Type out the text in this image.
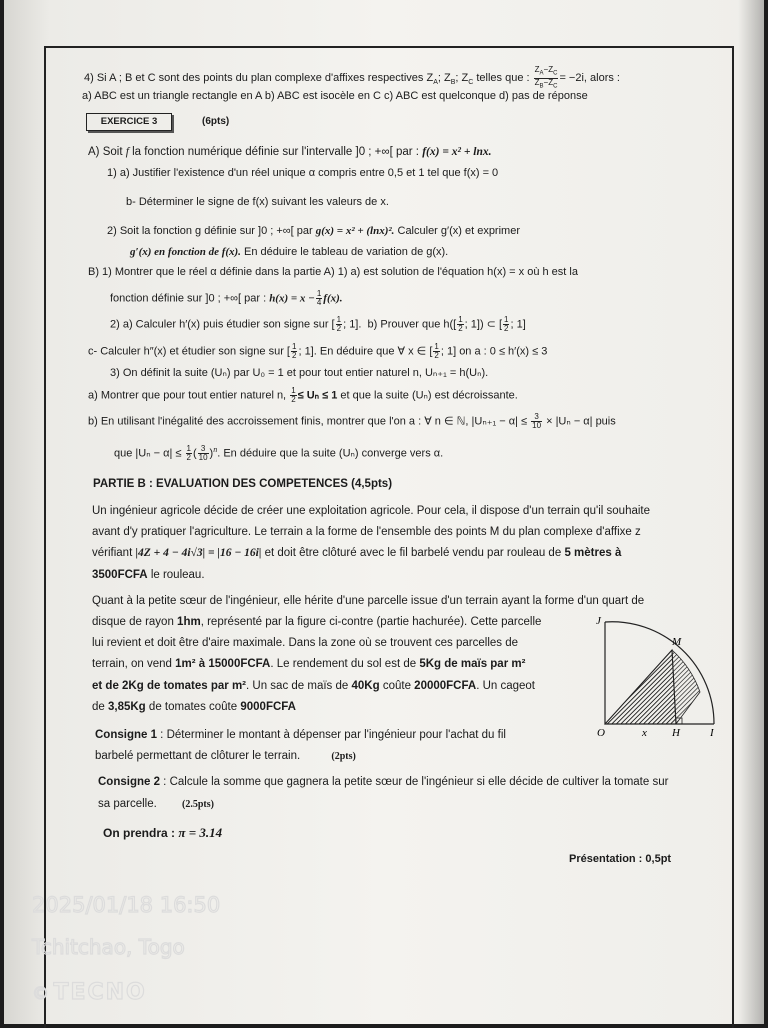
4) Si A ; B et C sont des points du plan complexe d'affixes respectives $Z_A$; $Z_B$; $Z_C$ telles que : $\frac{Z_A-Z_C}{Z_B-Z_C} = -2i$, alors :
a) ABC est un triangle rectangle en A b) ABC est isocèle en C c) ABC est quelconque d) pas de réponse
EXERCICE 3	(6pts)
A) Soit f la fonction numérique définie sur l'intervalle ]0 ; +∞[ par : f(x) = x² + lnx.
1) a) Justifier l'existence d'un réel unique α compris entre 0,5 et 1 tel que f(x) = 0
b- Déterminer le signe de f(x) suivant les valeurs de x.
2) Soit la fonction g définie sur ]0 ; +∞[ par g(x) = x² + (lnx)². Calculer g′(x) et exprimer
g′(x) en fonction de f(x). En déduire le tableau de variation de g(x).
B) 1) Montrer que le réel α définie dans la partie A) 1) a) est solution de l'équation h(x) = x où h est la
fonction définie sur ]0 ; +∞[ par : $h(x) = x - \frac{1}{4} f(x)$.
2) a) Calculer h′(x) puis étudier son signe sur [ $\frac{1}{2}$ ; 1].  b) Prouver que $h([ \frac{1}{2}$ ; 1]) ⊂ [ $\frac{1}{2}$ ; 1]
c- Calculer h″(x) et étudier son signe sur [ $\frac{1}{2}$ ; 1]. En déduire que ∀ x ∈ [ $\frac{1}{2}$ ; 1] on a : 0 ≤ h′(x) ≤ 3
3) On définit la suite (Uₙ) par U₀ = 1 et pour tout entier naturel n, Uₙ₊₁ = h(Uₙ).
a) Montrer que pour tout entier naturel n, $\frac{1}{2} \le U_n \le 1$ et que la suite (Uₙ) est décroissante.
b) En utilisant l'inégalité des accroissement finis, montrer que l'on a : ∀ n ∈ ℕ, $|U_{n+1} - \alpha| \le \frac{3}{10} \times |U_n - \alpha|$ puis
que $|U_n - \alpha| \le \frac{1}{2}$ ( $\frac{3}{10} )^n$. En déduire que la suite (Uₙ) converge vers α.
PARTIE B : EVALUATION DES COMPETENCES (4,5pts)
Un ingénieur agricole décide de créer une exploitation agricole. Pour cela, il dispose d'un terrain qu'il souhaite
avant d'y pratiquer l'agriculture. Le terrain a la forme de l'ensemble des points M du plan complexe d'affixe z
vérifiant |4Z + 4 − 4i√3| = |16 − 16i| et doit être clôturé avec le fil barbelé vendu par rouleau de 5 mètres à
3500FCFA le rouleau.
Quant à la petite sœur de l'ingénieur, elle hérite d'une parcelle issue d'un terrain ayant la forme d'un quart de
disque de rayon 1hm, représenté par la figure ci-contre (partie hachurée). Cette parcelle
lui revient et doit être d'aire maximale. Dans la zone où se trouvent ces parcelles de
terrain, on vend 1m² à 15000FCFA. Le rendement du sol est de 5Kg de maïs par m²
et de 2Kg de tomates par m². Un sac de maïs de 40Kg coûte 20000FCFA. Un cageot
de 3,85Kg de tomates coûte 9000FCFA
Consigne 1 : Déterminer le montant à dépenser par l'ingénieur pour l'achat du fil
barbelé permettant de clôturer le terrain.	(2pts)
Consigne 2 : Calcule la somme que gagnera la petite sœur de l'ingénieur si elle décide de cultiver la tomate sur
sa parcelle.	(2.5pts)
On prendra : π = 3.14
Présentation : 0,5pt
J
M
O	x H	I
2025/01/18 16:50
Tchitchao, Togo
© TECNO
